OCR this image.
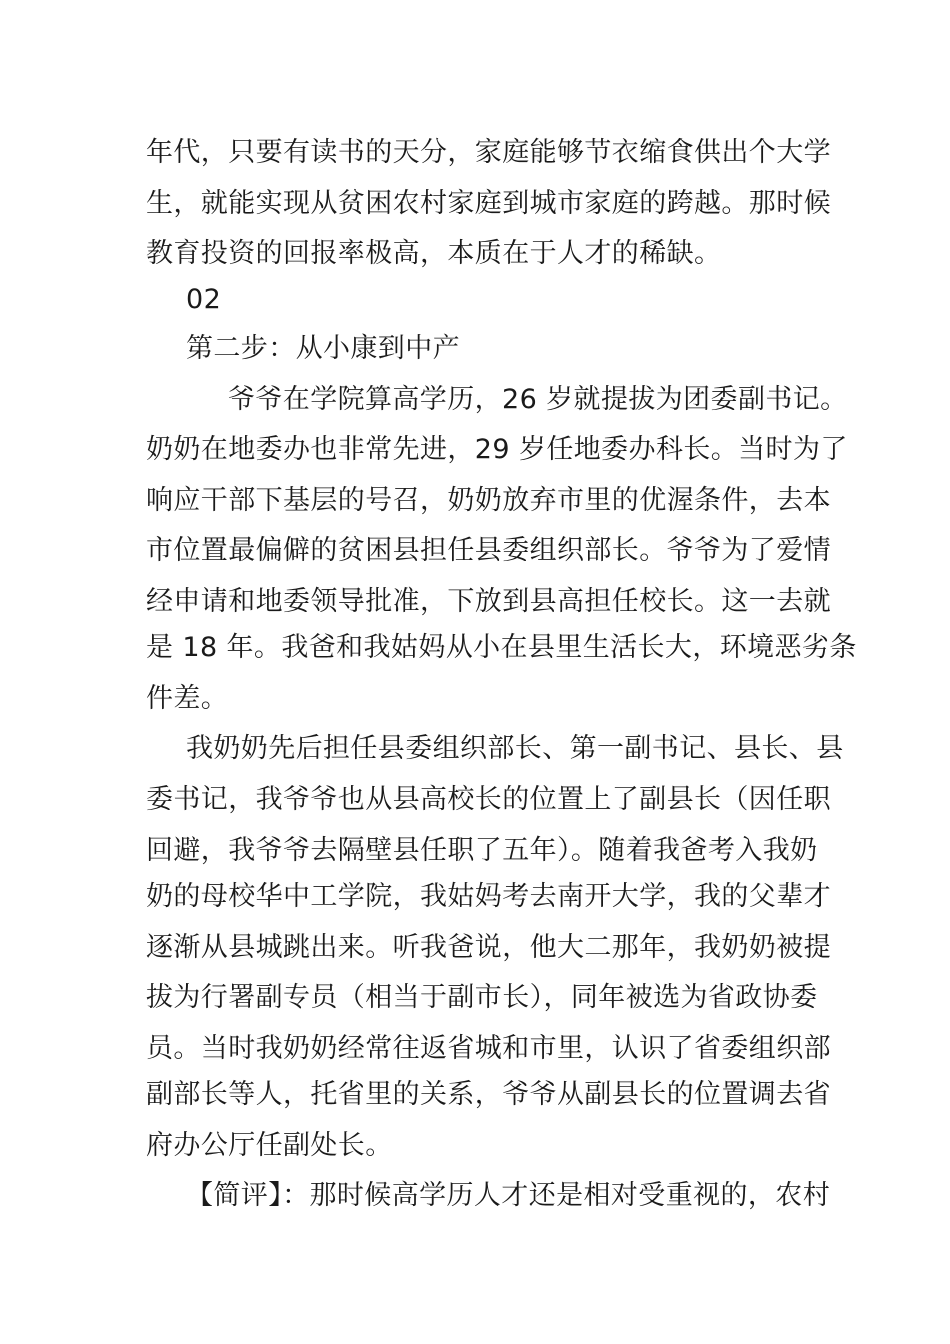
年代，只要有读书的天分，家庭能够节衣缩食供出个大学
生，就能实现从贫困农村家庭到城市家庭的跨越。那时候
教育投资的回报率极高，本质在于人才的稀缺。
02
第二步：从小康到中产
爷爷在学院算高学历，26 岁就提拔为团委副书记。
奶奶在地委办也非常先进，29 岁任地委办科长。当时为了
响应干部下基层的号召，奶奶放弃市里的优渥条件，去本
市位置最偏僻的贫困县担任县委组织部长。爷爷为了爱情
经申请和地委领导批准，下放到县高担任校长。这一去就
是 18 年。我爸和我姑妈从小在县里生活长大，环境恶劣条
件差。
我奶奶先后担任县委组织部长、第一副书记、县长、县
委书记，我爷爷也从县高校长的位置上了副县长（因任职
回避，我爷爷去隔壁县任职了五年）。随着我爸考入我奶
奶的母校华中工学院，我姑妈考去南开大学，我的父辈才
逐渐从县城跳出来。听我爸说，他大二那年，我奶奶被提
拔为行署副专员（相当于副市长），同年被选为省政协委
员。当时我奶奶经常往返省城和市里，认识了省委组织部
副部长等人，托省里的关系，爷爷从副县长的位置调去省
府办公厅任副处长。
【简评】：那时候高学历人才还是相对受重视的，农村
